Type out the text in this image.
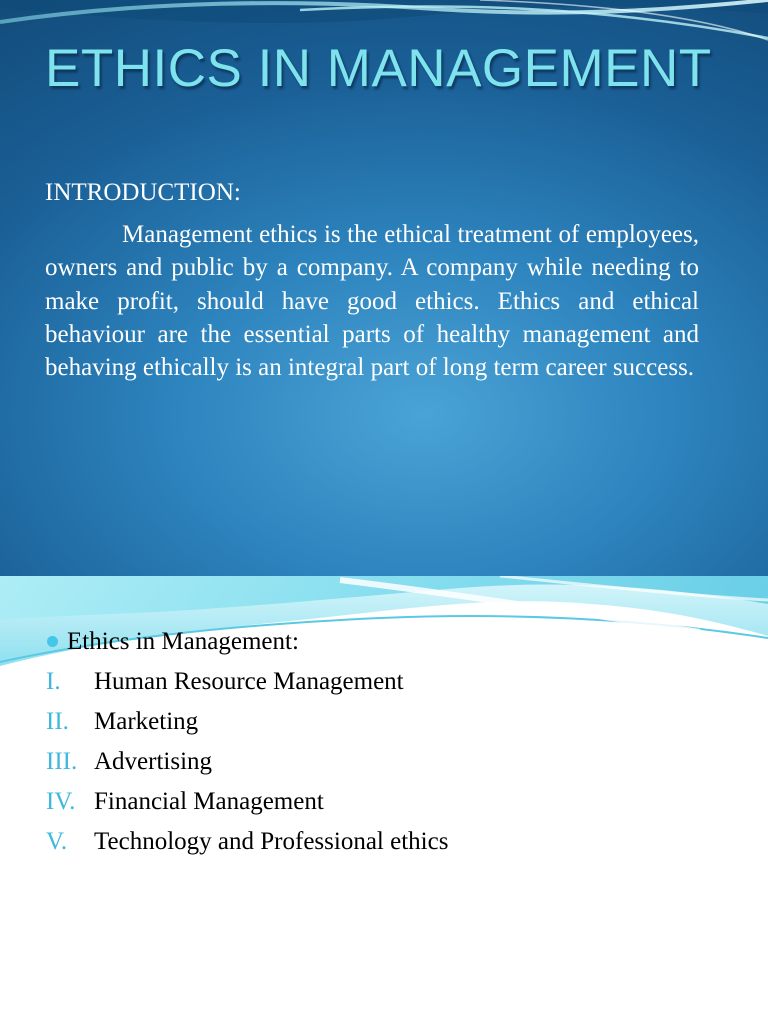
ETHICS IN MANAGEMENT

INTRODUCTION:

Management ethics is the ethical treatment of employees, owners and public by a company. A company while needing to make profit, should have good ethics. Ethics and ethical behaviour are the essential parts of healthy management and behaving ethically is an integral part of long term career success.

Ethics in Management:

I. Human Resource Management
II. Marketing
III. Advertising
IV. Financial Management
V. Technology and Professional ethics
